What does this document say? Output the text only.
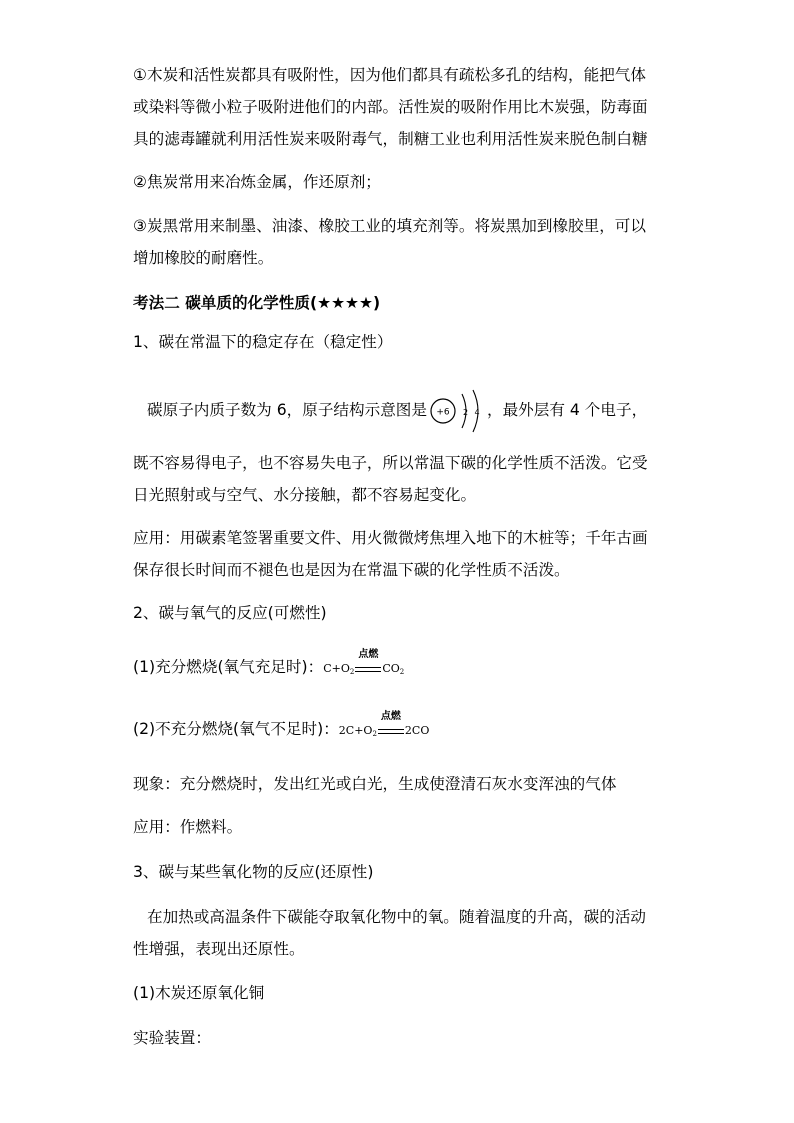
①木炭和活性炭都具有吸附性，因为他们都具有疏松多孔的结构，能把气体
或染料等微小粒子吸附进他们的内部。活性炭的吸附作用比木炭强，防毒面
具的滤毒罐就利用活性炭来吸附毒气，制糖工业也利用活性炭来脱色制白糖
②焦炭常用来冶炼金属，作还原剂；
③炭黑常用来制墨、油漆、橡胶工业的填充剂等。将炭黑加到橡胶里，可以
增加橡胶的耐磨性。
考法二 碳单质的化学性质(★★★★)
1、碳在常温下的稳定存在（稳定性）
碳原子内质子数为 6，原子结构示意图是 +6 2 4 ，最外层有 4 个电子，
既不容易得电子，也不容易失电子，所以常温下碳的化学性质不活泼。它受
日光照射或与空气、水分接触，都不容易起变化。
应用：用碳素笔签署重要文件、用火微微烤焦埋入地下的木桩等；千年古画
保存很长时间而不褪色也是因为在常温下碳的化学性质不活泼。
2、碳与氧气的反应(可燃性)
(1)充分燃烧(氧气充足时)：$C+O_2$
点燃
$CO_2$
(2)不充分燃烧(氧气不足时)：$2C+O_2$
点燃
2CO
现象：充分燃烧时，发出红光或白光，生成使澄清石灰水变浑浊的气体
应用：作燃料。
3、碳与某些氧化物的反应(还原性)
在加热或高温条件下碳能夺取氧化物中的氧。随着温度的升高，碳的活动
性增强，表现出还原性。
(1)木炭还原氧化铜
实验装置：
